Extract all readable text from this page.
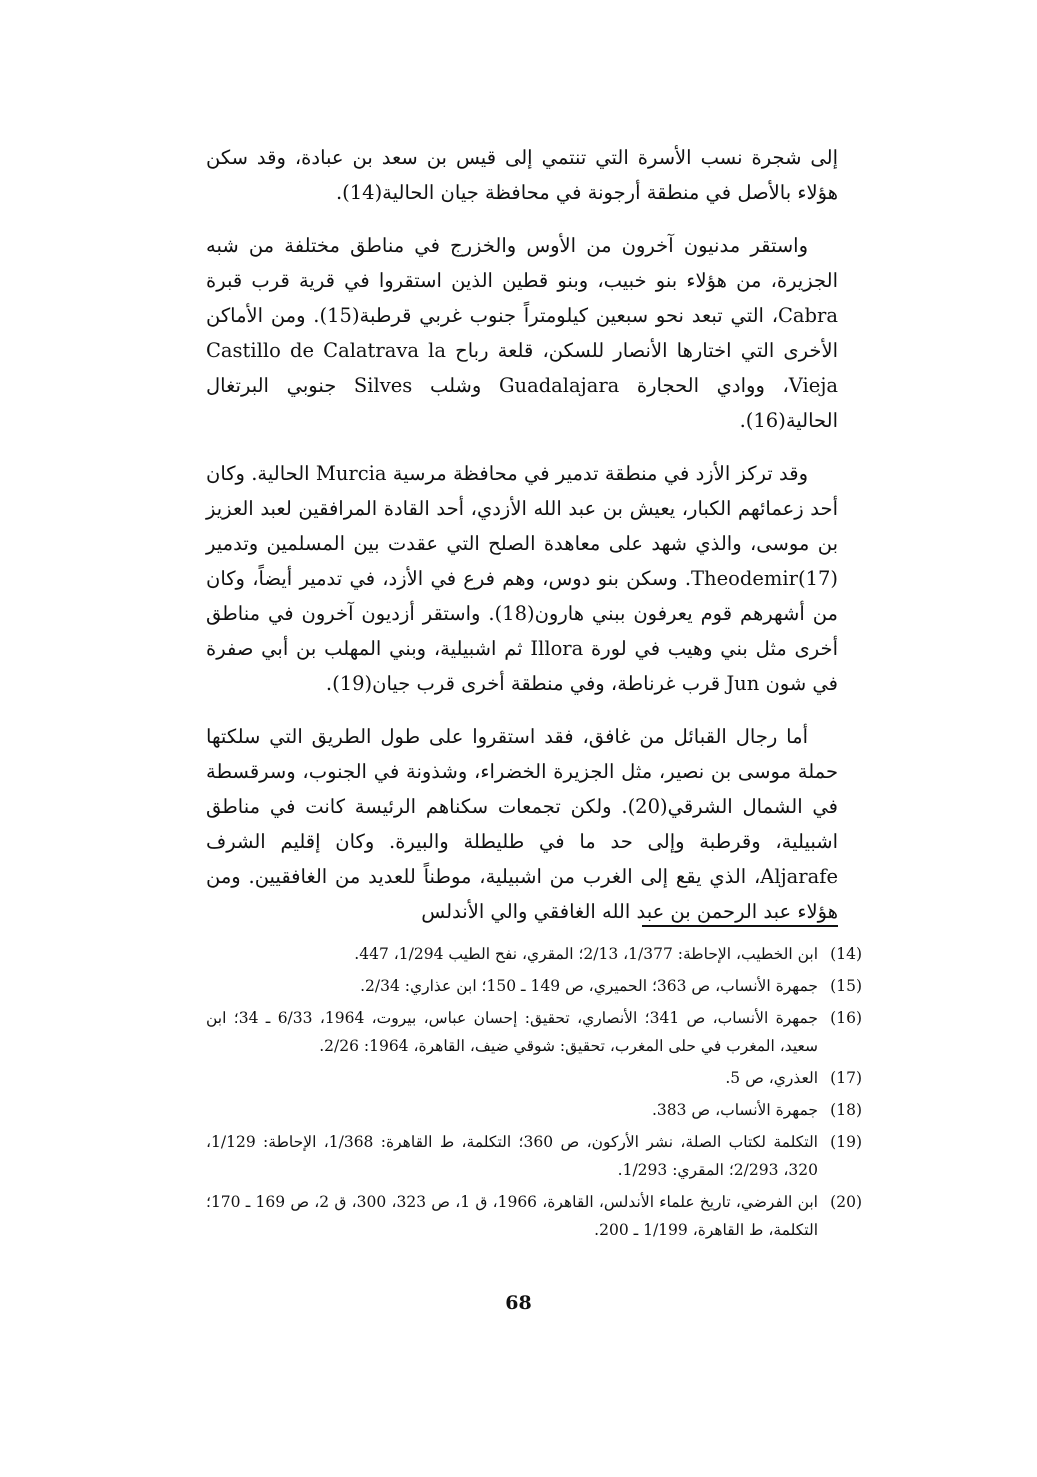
إلى شجرة نسب الأسرة التي تنتمي إلى قيس بن سعد بن عبادة، وقد سكن هؤلاء بالأصل في منطقة أرجونة في محافظة جيان الحالية(14).

واستقر مدنيون آخرون من الأوس والخزرج في مناطق مختلفة من شبه الجزيرة، من هؤلاء بنو خبيب، وبنو قطين الذين استقروا في قرية قرب قبرة Cabra، التي تبعد نحو سبعين كيلومتراً جنوب غربي قرطبة(15). ومن الأماكن الأخرى التي اختارها الأنصار للسكن، قلعة رباح Castillo de Calatrava la Vieja، ووادي الحجارة Guadalajara وشلب Silves جنوبي البرتغال الحالية(16).

وقد تركز الأزد في منطقة تدمير في محافظة مرسية Murcia الحالية. وكان أحد زعمائهم الكبار، يعيش بن عبد الله الأزدي، أحد القادة المرافقين لعبد العزيز بن موسى، والذي شهد على معاهدة الصلح التي عقدت بين المسلمين وتدمير Theodemir(17). وسكن بنو دوس، وهم فرع في الأزد، في تدمير أيضاً، وكان من أشهرهم قوم يعرفون ببني هارون(18). واستقر أزديون آخرون في مناطق أخرى مثل بني وهيب في لورة Illora ثم اشبيلية، وبني المهلب بن أبي صفرة في شون Jun قرب غرناطة، وفي منطقة أخرى قرب جيان(19).

أما رجال القبائل من غافق، فقد استقروا على طول الطريق التي سلكتها حملة موسى بن نصير، مثل الجزيرة الخضراء، وشذونة في الجنوب، وسرقسطة في الشمال الشرقي(20). ولكن تجمعات سكناهم الرئيسة كانت في مناطق اشبيلية، وقرطبة وإلى حد ما في طليطلة والبيرة. وكان إقليم الشرف Aljarafe، الذي يقع إلى الغرب من اشبيلية، موطناً للعديد من الغافقيين. ومن هؤلاء عبد الرحمن بن عبد الله الغافقي والي الأندلس

(14)
ابن الخطيب، الإحاطة: 1/377، 2/13؛ المقري، نفح الطيب 1/294، 447.
(15)
جمهرة الأنساب، ص 363؛ الحميري، ص 149 ـ 150؛ ابن عذاري: 2/34.
(16)
جمهرة الأنساب، ص 341؛ الأنصاري، تحقيق: إحسان عباس، بيروت، 1964، 6/33 ـ 34؛ ابن سعيد، المغرب في حلى المغرب، تحقيق: شوقي ضيف، القاهرة، 1964: 2/26.
(17)
العذري، ص 5.
(18)
جمهرة الأنساب، ص 383.
(19)
التكلمة لكتاب الصلة، نشر الأركون، ص 360؛ التكلمة، ط القاهرة: 1/368، الإحاطة: 1/129، 320، 2/293؛ المقري: 1/293.
(20)
ابن الفرضي، تاريخ علماء الأندلس، القاهرة، 1966، ق 1، ص 323، 300، ق 2، ص 169 ـ 170؛ التكلمة، ط القاهرة، 1/199 ـ 200.
68
